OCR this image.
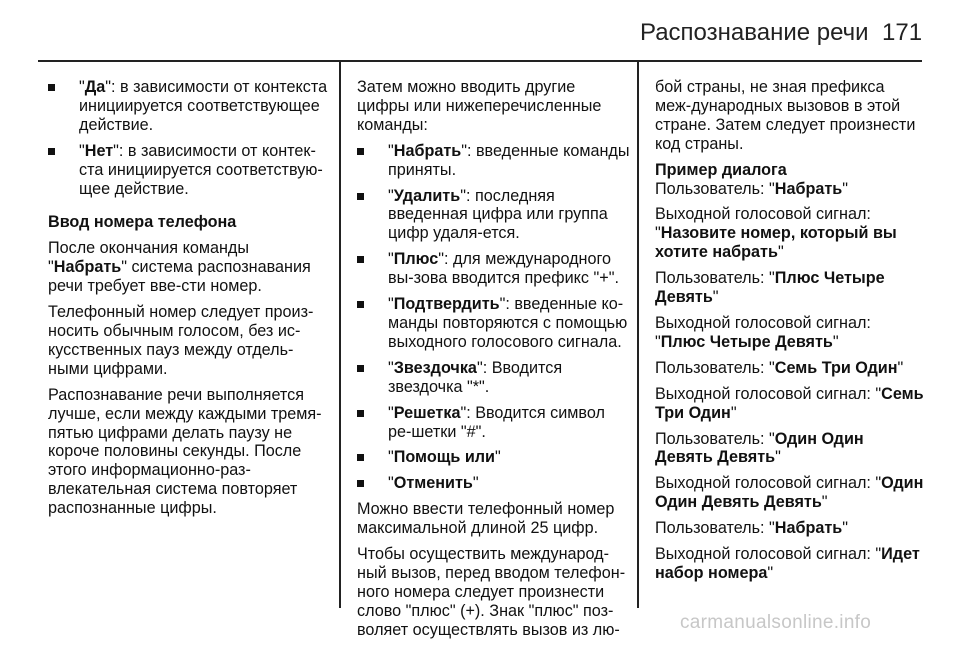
Распознавание речи 171
"Да": в зависимости от контекста инициируется соответствующее действие.
"Нет": в зависимости от контек-ста инициируется соответствую-щее действие.
Ввод номера телефона
После окончания команды "Набрать" система распознавания речи требует вве-сти номер.
Телефонный номер следует произ-носить обычным голосом, без ис-кусственных пауз между отдель-ными цифрами.
Распознавание речи выполняется лучше, если между каждыми тремя-пятью цифрами делать паузу не короче половины секунды. После этого информационно-раз-влекательная система повторяет распознанные цифры.
Затем можно вводить другие цифры или нижеперечисленные команды:
"Набрать": введенные команды приняты.
"Удалить": последняя введенная цифра или группа цифр удаля-ется.
"Плюс": для международного вы-зова вводится префикс "+".
"Подтвердить": введенные ко-манды повторяются с помощью выходного голосового сигнала.
"Звездочка": Вводится звездочка "*".
"Решетка": Вводится символ ре-шетки "#".
"Помощь или"
"Отменить"
Можно ввести телефонный номер максимальной длиной 25 цифр.
Чтобы осуществить международ-ный вызов, перед вводом телефон-ного номера следует произнести слово "плюс" (+). Знак "плюс" поз-воляет осуществлять вызов из лю-
бой страны, не зная префикса меж-дународных вызовов в этой стране. Затем следует произнести код страны.
Пример диалога
Пользователь: "Набрать"
Выходной голосовой сигнал: "Назовите номер, который вы хотите набрать"
Пользователь: "Плюс Четыре Девять"
Выходной голосовой сигнал: "Плюс Четыре Девять"
Пользователь: "Семь Три Один"
Выходной голосовой сигнал: "Семь Три Один"
Пользователь: "Один Один Девять Девять"
Выходной голосовой сигнал: "Один Один Девять Девять"
Пользователь: "Набрать"
Выходной голосовой сигнал: "Идет набор номера"
carmanualsonline.info
